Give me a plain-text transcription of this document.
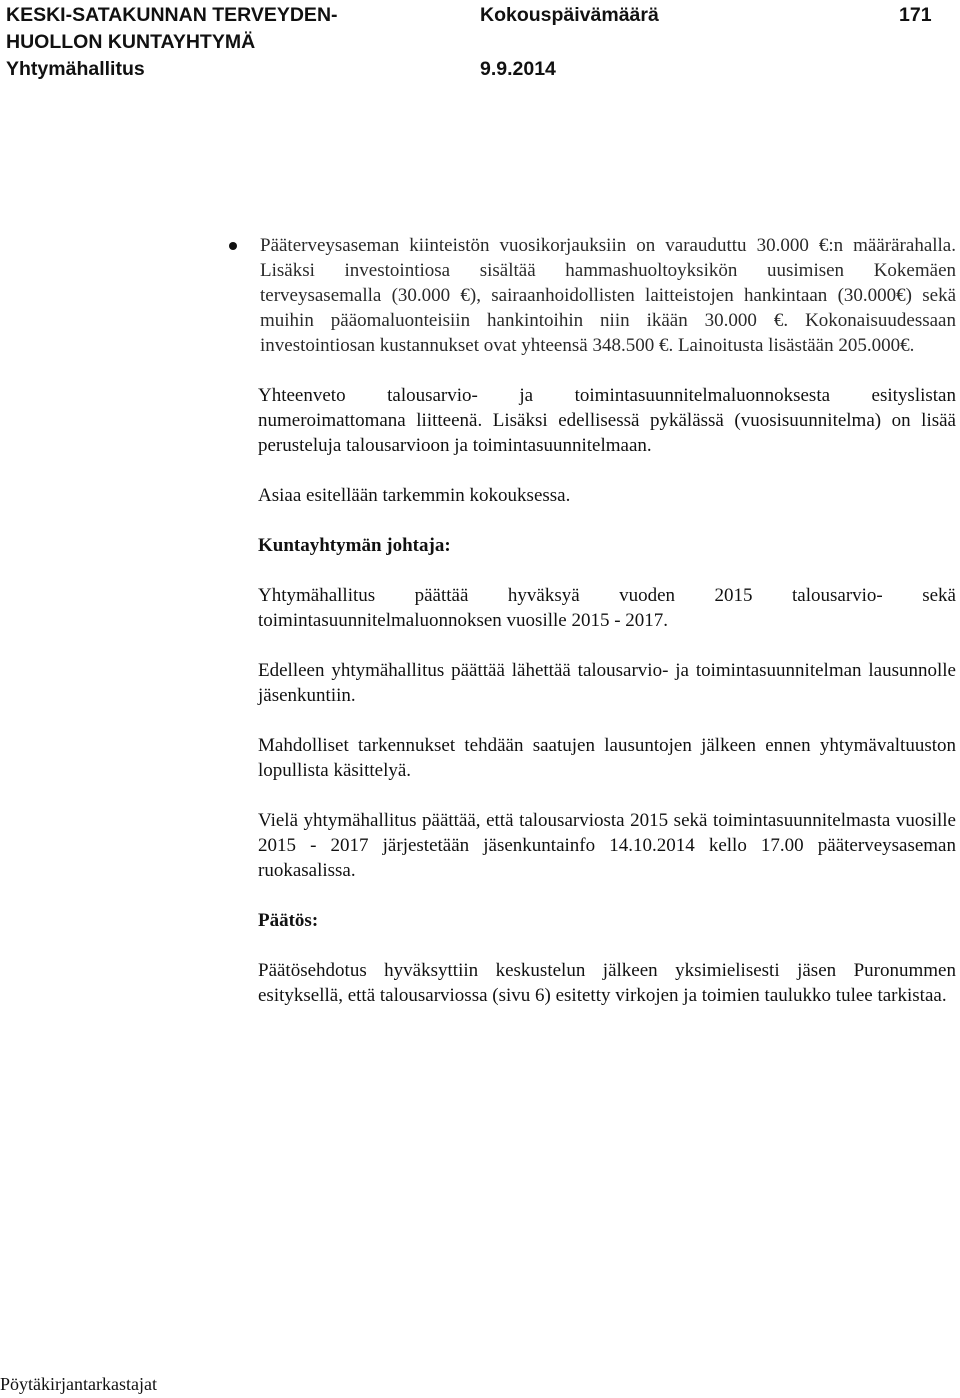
KESKI-SATAKUNNAN TERVEYDEN-	Kokouspäivämäärä	171
HUOLLON KUNTAYHTYMÄ
Yhtymähallitus	9.9.2014
Pääterveysaseman kiinteistön vuosikorjauksiin on varauduttu 30.000 €:n määrärahalla. Lisäksi investointiosa sisältää hammashuoltoyksikön uusimisen Kokemäen terveysasemalla (30.000 €), sairaanhoidollisten laitteistojen hankintaan (30.000€) sekä muihin pääomaluonteisiin hankintoihin niin ikään 30.000 €. Kokonaisuudessaan investointiosan kustannukset ovat yhteensä 348.500 €. Lainoitusta lisästään 205.000€.

Yhteenveto talousarvio- ja toimintasuunnitelmaluonnoksesta esityslistan numeroimattomana liitteenä. Lisäksi edellisessä pykälässä (vuosisuunnitelma) on lisää perusteluja talousarvioon ja toimintasuunnitelmaan.

Asiaa esitellään tarkemmin kokouksessa.

Kuntayhtymän johtaja:

Yhtymähallitus päättää hyväksyä vuoden 2015 talousarvio- sekä toimintasuunnitelmaluonnoksen vuosille 2015 - 2017.

Edelleen yhtymähallitus päättää lähettää talousarvio- ja toimintasuunnitelman lausunnolle jäsenkuntiin.

Mahdolliset tarkennukset tehdään saatujen lausuntojen jälkeen ennen yhtymävaltuuston lopullista käsittelyä.

Vielä yhtymähallitus päättää, että talousarviosta 2015 sekä toimintasuunnitelmasta vuosille 2015 - 2017 järjestetään jäsenkuntainfo 14.10.2014 kello 17.00 pääterveysaseman ruokasalissa.

Päätös:

Päätösehdotus hyväksyttiin keskustelun jälkeen yksimielisesti jäsen Puronummen esityksellä, että talousarviossa (sivu 6) esitetty virkojen ja toimien taulukko tulee tarkistaa.

Pöytäkirjantarkastajat
